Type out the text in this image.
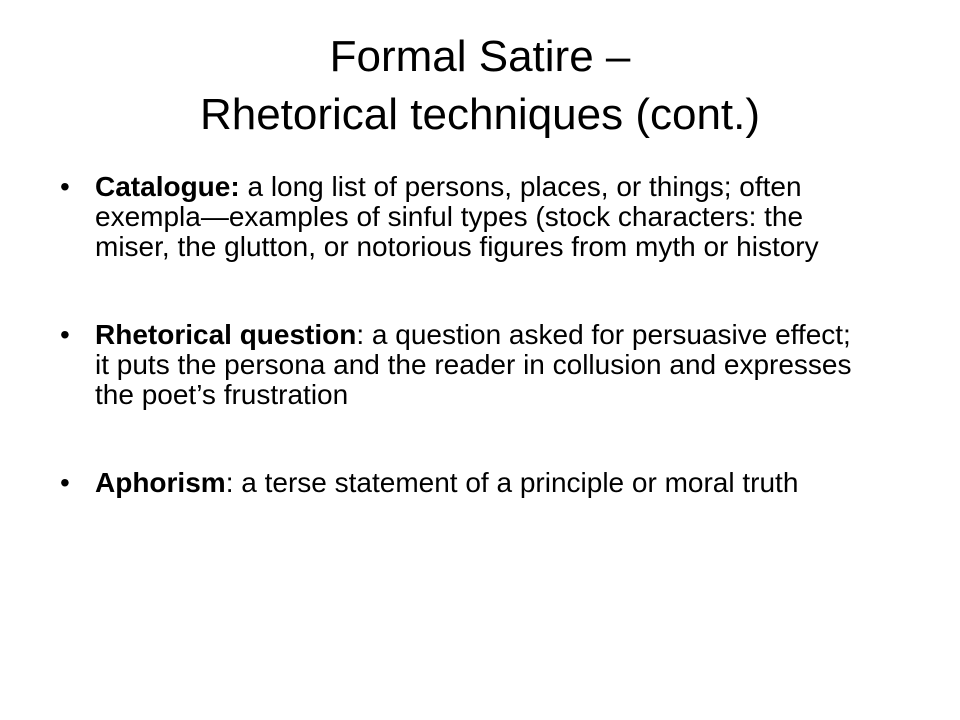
Formal Satire –
Rhetorical techniques (cont.)
• Catalogue: a long list of persons, places, or things; often exempla—examples of sinful types (stock characters: the miser, the glutton, or notorious figures from myth or history
• Rhetorical question: a question asked for persuasive effect; it puts the persona and the reader in collusion and expresses the poet’s frustration
• Aphorism: a terse statement of a principle or moral truth
